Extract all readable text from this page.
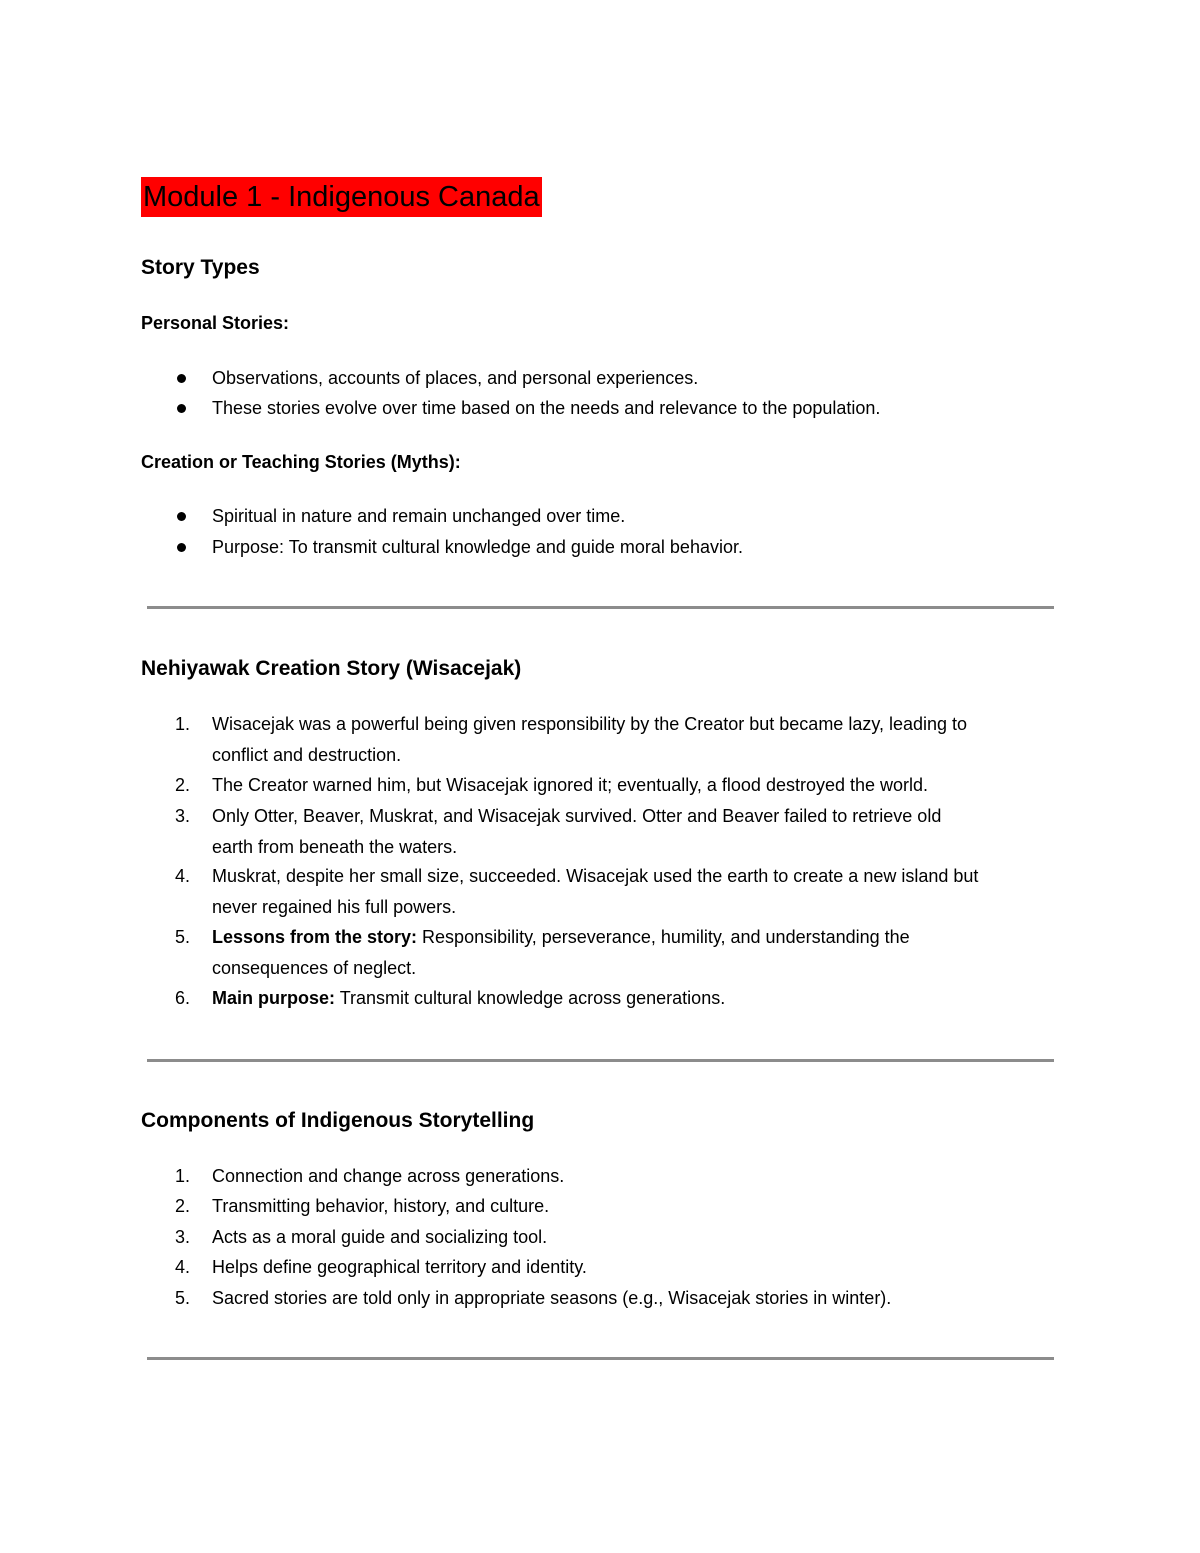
Module 1 - Indigenous Canada
Story Types
Personal Stories:
Observations, accounts of places, and personal experiences.
These stories evolve over time based on the needs and relevance to the population.
Creation or Teaching Stories (Myths):
Spiritual in nature and remain unchanged over time.
Purpose: To transmit cultural knowledge and guide moral behavior.
Nehiyawak Creation Story (Wisacejak)
1. Wisacejak was a powerful being given responsibility by the Creator but became lazy, leading to
conflict and destruction.
2. The Creator warned him, but Wisacejak ignored it; eventually, a flood destroyed the world.
3. Only Otter, Beaver, Muskrat, and Wisacejak survived. Otter and Beaver failed to retrieve old
earth from beneath the waters.
4. Muskrat, despite her small size, succeeded. Wisacejak used the earth to create a new island but
never regained his full powers.
5. Lessons from the story: Responsibility, perseverance, humility, and understanding the
consequences of neglect.
6. Main purpose: Transmit cultural knowledge across generations.
Components of Indigenous Storytelling
1. Connection and change across generations.
2. Transmitting behavior, history, and culture.
3. Acts as a moral guide and socializing tool.
4. Helps define geographical territory and identity.
5. Sacred stories are told only in appropriate seasons (e.g., Wisacejak stories in winter).
